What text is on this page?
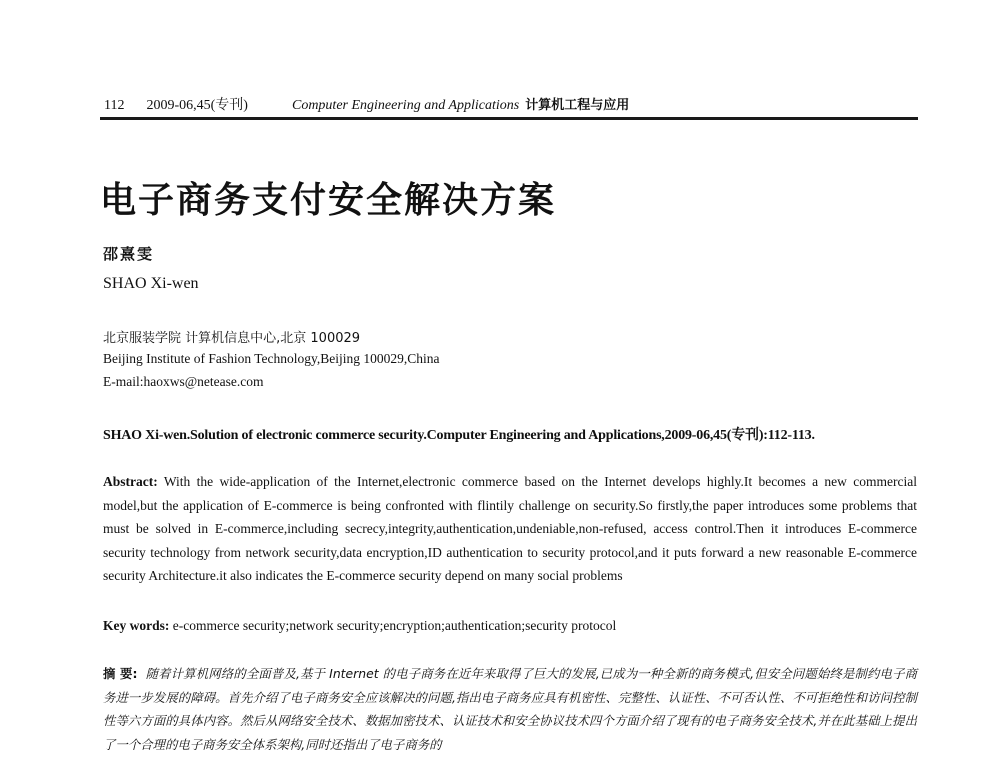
112 2009-06,45(专刊)	Computer Engineering and Applications 计算机工程与应用
电子商务支付安全解决方案
邵熹雯
SHAO Xi-wen
北京服装学院 计算机信息中心,北京 100029
Beijing Institute of Fashion Technology,Beijing 100029,China
E-mail:haoxws@netease.com
SHAO Xi-wen.Solution of electronic commerce security.Computer Engineering and Applications,2009-06,45(专刊):112-113.
Abstract: With the wide-application of the Internet,electronic commerce based on the Internet develops highly.It becomes a new commercial model,but the application of E-commerce is being confronted with flintily challenge on security.So firstly,the paper introduces some problems that must be solved in E-commerce,including secrecy,integrity,authentication,undeniable,non-refused, access control.Then it introduces E-commerce security technology from network security,data encryption,ID authentication to security protocol,and it puts forward a new reasonable E-commerce security Architecture.it also indicates the E-commerce security depend on many social problems
Key words: e-commerce security;network security;encryption;authentication;security protocol
摘 要: 随着计算机网络的全面普及,基于 Internet 的电子商务在近年来取得了巨大的发展,已成为一种全新的商务模式,但安全问题始终是制约电子商务进一步发展的障碍。首先介绍了电子商务安全应该解决的问题,指出电子商务应具有机密性、完整性、认证性、不可否认性、不可拒绝性和访问控制性等六方面的具体内容。然后从网络安全技术、数据加密技术、认证技术和安全协议技术四个方面介绍了现有的电子商务安全技术,并在此基础上提出了一个合理的电子商务安全体系架构,同时还指出了电子商务的
